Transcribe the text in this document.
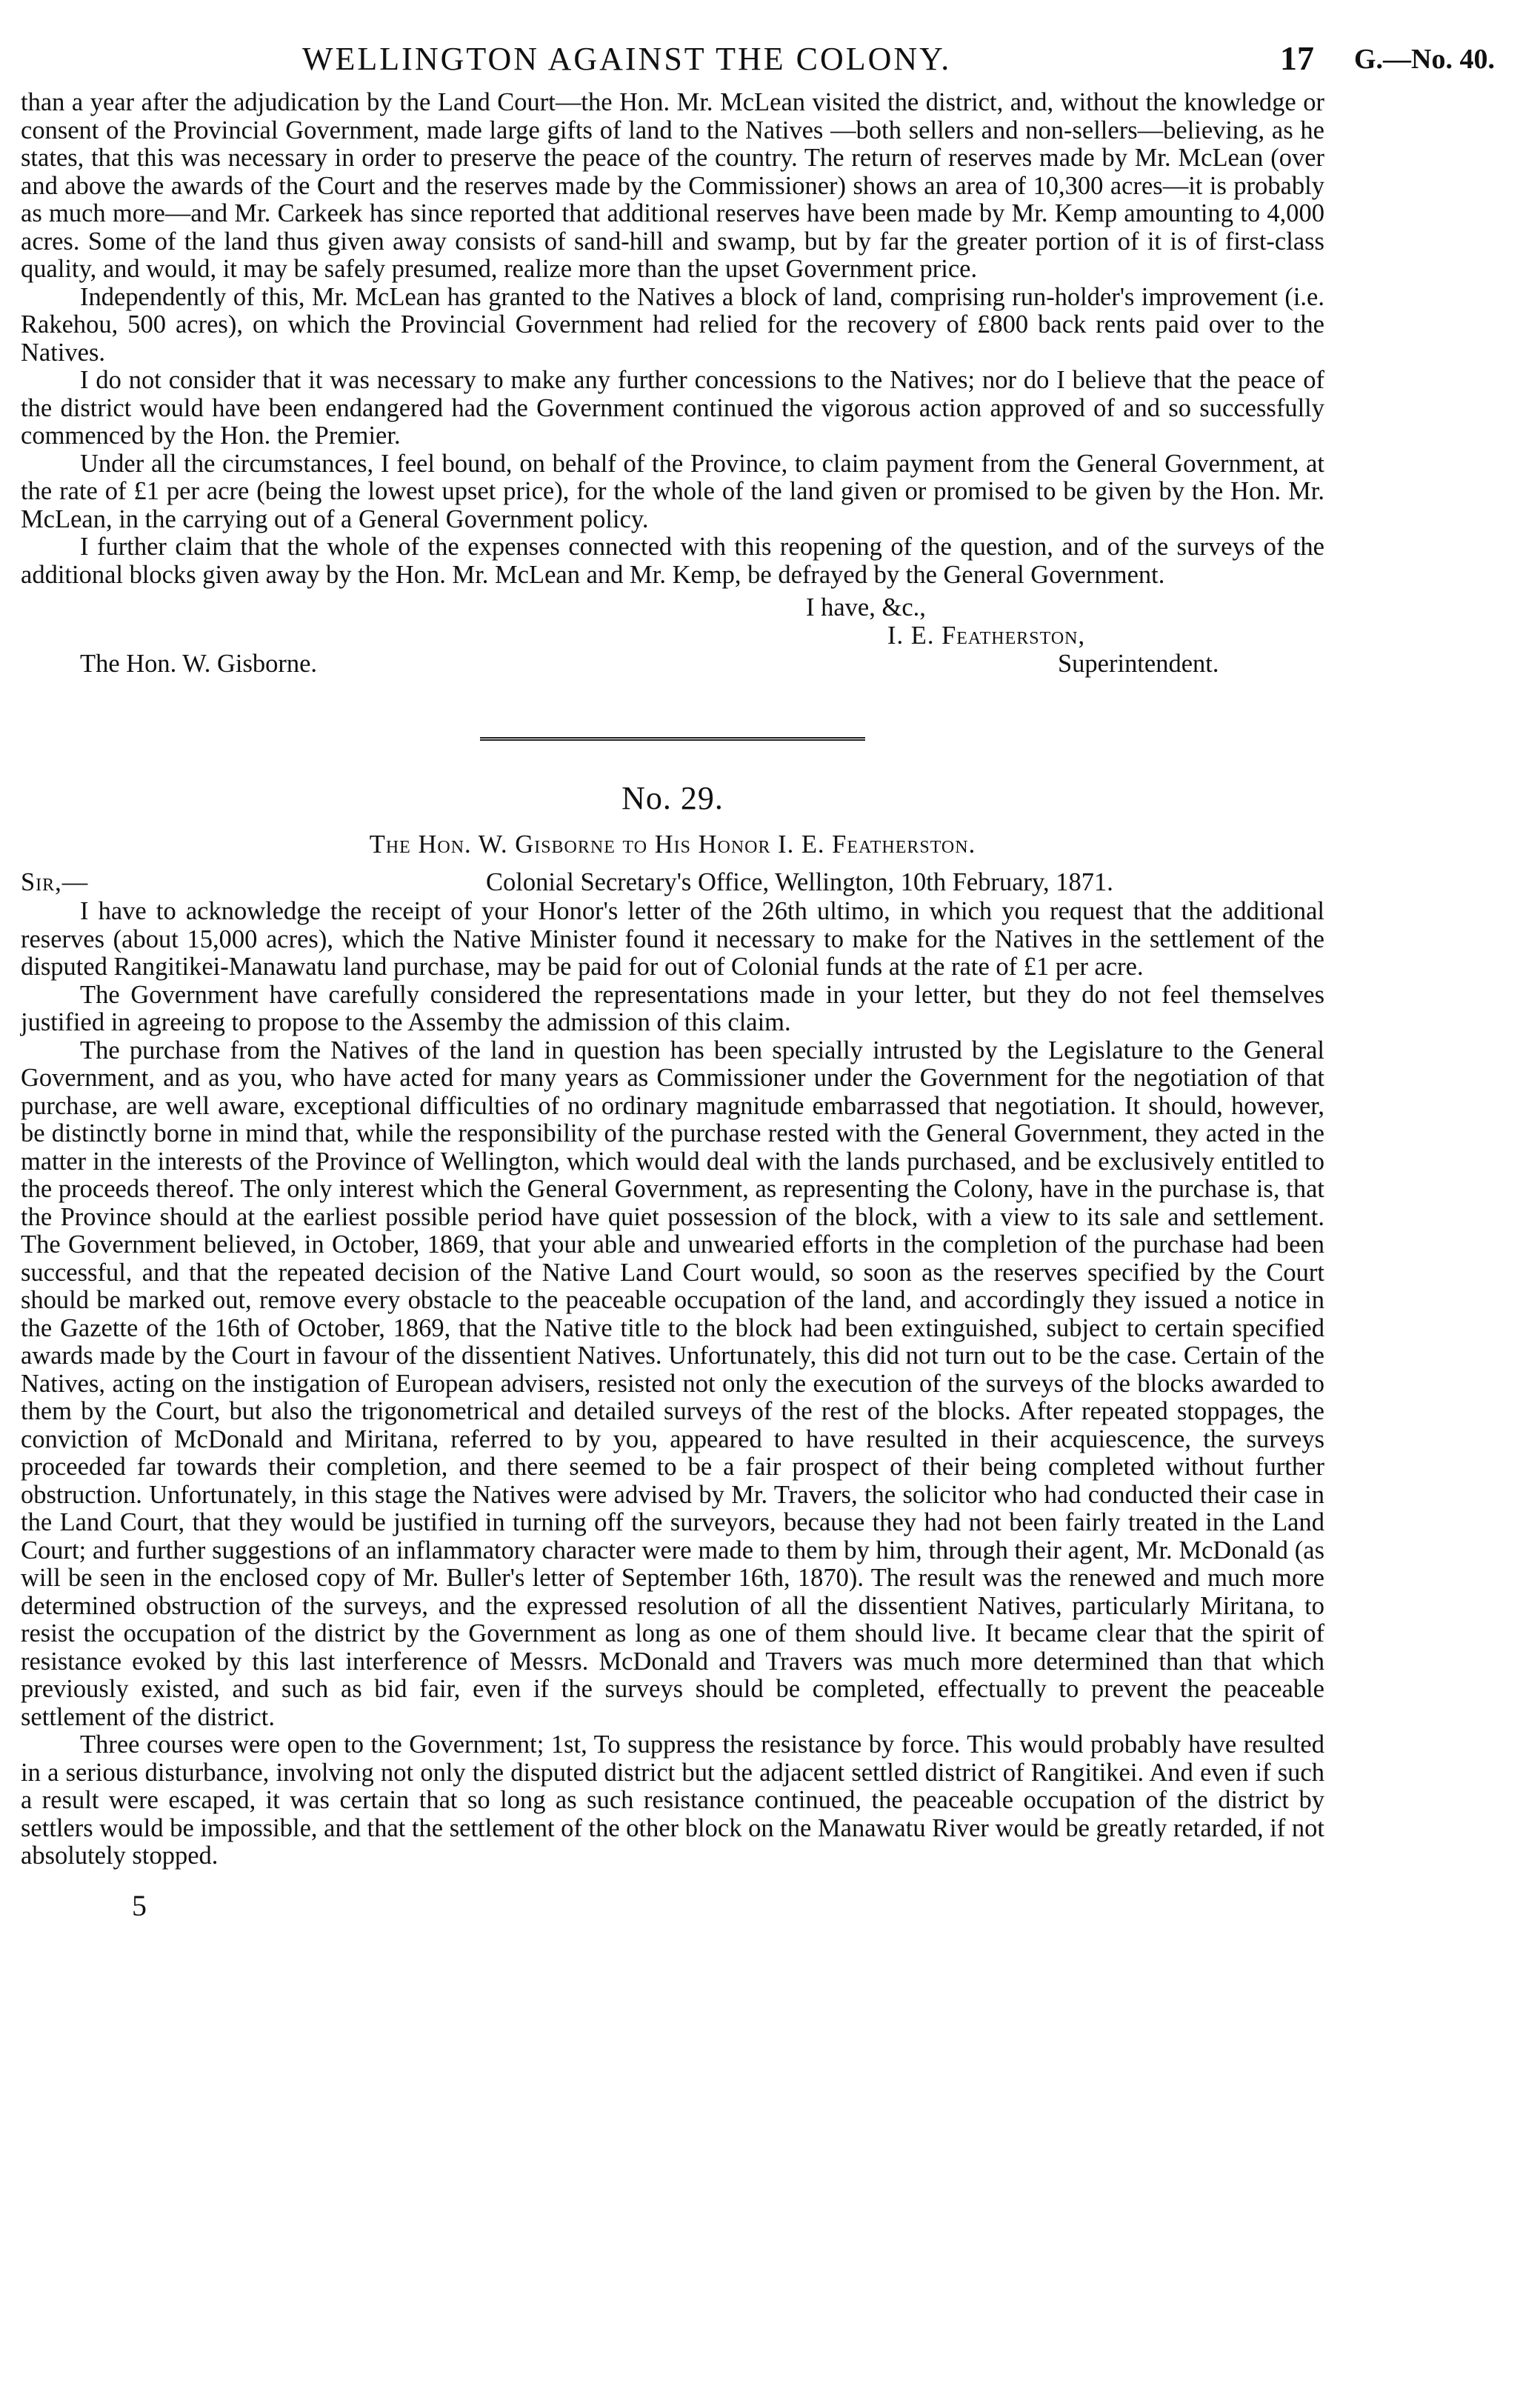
WELLINGTON AGAINST THE COLONY.	17 G.—No. 40.

than a year after the adjudication by the Land Court—the Hon. Mr. McLean visited the district, and, without the knowledge or consent of the Provincial Government, made large gifts of land to the Natives —both sellers and non-sellers—believing, as he states, that this was necessary in order to preserve the peace of the country. The return of reserves made by Mr. McLean (over and above the awards of the Court and the reserves made by the Commissioner) shows an area of 10,300 acres—it is probably as much more—and Mr. Carkeek has since reported that additional reserves have been made by Mr. Kemp amounting to 4,000 acres. Some of the land thus given away consists of sand-hill and swamp, but by far the greater portion of it is of first-class quality, and would, it may be safely presumed, realize more than the upset Government price.

Independently of this, Mr. McLean has granted to the Natives a block of land, comprising run-holder's improvement (i.e. Rakehou, 500 acres), on which the Provincial Government had relied for the recovery of £800 back rents paid over to the Natives.

I do not consider that it was necessary to make any further concessions to the Natives; nor do I believe that the peace of the district would have been endangered had the Government continued the vigorous action approved of and so successfully commenced by the Hon. the Premier.

Under all the circumstances, I feel bound, on behalf of the Province, to claim payment from the General Government, at the rate of £1 per acre (being the lowest upset price), for the whole of the land given or promised to be given by the Hon. Mr. McLean, in the carrying out of a General Government policy.

I further claim that the whole of the expenses connected with this reopening of the question, and of the surveys of the additional blocks given away by the Hon. Mr. McLean and Mr. Kemp, be defrayed by the General Government.

I have, &c.,
I. E. Featherston,
Superintendent.
The Hon. W. Gisborne.
No. 29.
The Hon. W. Gisborne to His Honor I. E. Featherston.
Sir,—	Colonial Secretary's Office, Wellington, 10th February, 1871.

I have to acknowledge the receipt of your Honor's letter of the 26th ultimo, in which you request that the additional reserves (about 15,000 acres), which the Native Minister found it necessary to make for the Natives in the settlement of the disputed Rangitikei-Manawatu land purchase, may be paid for out of Colonial funds at the rate of £1 per acre.

The Government have carefully considered the representations made in your letter, but they do not feel themselves justified in agreeing to propose to the Assemby the admission of this claim.

The purchase from the Natives of the land in question has been specially intrusted by the Legislature to the General Government, and as you, who have acted for many years as Commissioner under the Government for the negotiation of that purchase, are well aware, exceptional difficulties of no ordinary magnitude embarrassed that negotiation. It should, however, be distinctly borne in mind that, while the responsibility of the purchase rested with the General Government, they acted in the matter in the interests of the Province of Wellington, which would deal with the lands purchased, and be exclusively entitled to the proceeds thereof. The only interest which the General Government, as representing the Colony, have in the purchase is, that the Province should at the earliest possible period have quiet possession of the block, with a view to its sale and settlement. The Government believed, in October, 1869, that your able and unwearied efforts in the completion of the purchase had been successful, and that the repeated decision of the Native Land Court would, so soon as the reserves specified by the Court should be marked out, remove every obstacle to the peaceable occupation of the land, and accordingly they issued a notice in the Gazette of the 16th of October, 1869, that the Native title to the block had been extinguished, subject to certain specified awards made by the Court in favour of the dissentient Natives. Unfortunately, this did not turn out to be the case. Certain of the Natives, acting on the instigation of European advisers, resisted not only the execution of the surveys of the blocks awarded to them by the Court, but also the trigonometrical and detailed surveys of the rest of the blocks. After repeated stoppages, the conviction of McDonald and Miritana, referred to by you, appeared to have resulted in their acquiescence, the surveys proceeded far towards their completion, and there seemed to be a fair prospect of their being completed without further obstruction. Unfortunately, in this stage the Natives were advised by Mr. Travers, the solicitor who had conducted their case in the Land Court, that they would be justified in turning off the surveyors, because they had not been fairly treated in the Land Court; and further suggestions of an inflammatory character were made to them by him, through their agent, Mr. McDonald (as will be seen in the enclosed copy of Mr. Buller's letter of September 16th, 1870). The result was the renewed and much more determined obstruction of the surveys, and the expressed resolution of all the dissentient Natives, particularly Miritana, to resist the occupation of the district by the Government as long as one of them should live. It became clear that the spirit of resistance evoked by this last interference of Messrs. McDonald and Travers was much more determined than that which previously existed, and such as bid fair, even if the surveys should be completed, effectually to prevent the peaceable settlement of the district.

Three courses were open to the Government; 1st, To suppress the resistance by force. This would probably have resulted in a serious disturbance, involving not only the disputed district but the adjacent settled district of Rangitikei. And even if such a result were escaped, it was certain that so long as such resistance continued, the peaceable occupation of the district by settlers would be impossible, and that the settlement of the other block on the Manawatu River would be greatly retarded, if not absolutely stopped.

5
